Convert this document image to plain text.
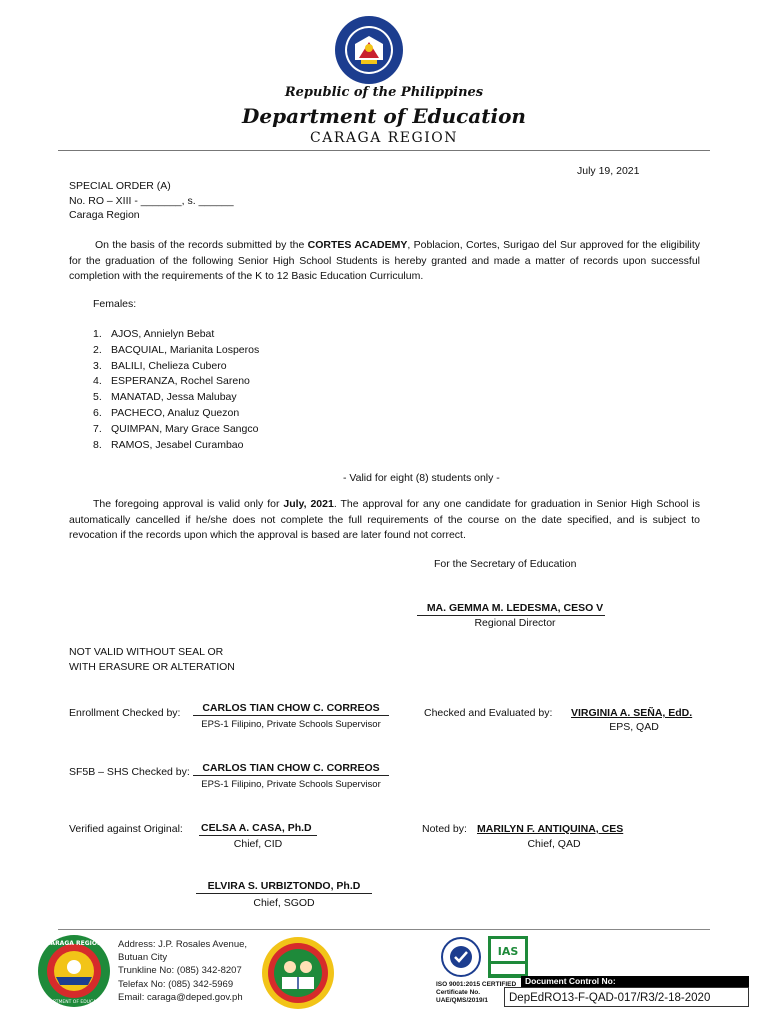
Republic of the Philippines
Department of Education
CARAGA REGION
July 19, 2021
SPECIAL ORDER (A)
No. RO – XIII - _______, s. ______
Caraga Region
On the basis of the records submitted by the CORTES ACADEMY, Poblacion, Cortes, Surigao del Sur approved for the eligibility for the graduation of the following Senior High School Students is hereby granted and made a matter of records upon successful completion with the requirements of the K to 12 Basic Education Curriculum.
Females:
1. AJOS, Annielyn Bebat
2. BACQUIAL, Marianita Losperos
3. BALILI, Chelieza Cubero
4. ESPERANZA, Rochel Sareno
5. MANATAD, Jessa Malubay
6. PACHECO, Analuz Quezon
7. QUIMPAN, Mary Grace Sangco
8. RAMOS, Jesabel Curambao
- Valid for eight (8) students only -
The foregoing approval is valid only for July, 2021. The approval for any one candidate for graduation in Senior High School is automatically cancelled if he/she does not complete the full requirements of the course on the date specified, and is subject to revocation if the records upon which the approval is based are later found not correct.
For the Secretary of Education
MA. GEMMA M. LEDESMA, CESO V
Regional Director
NOT VALID WITHOUT SEAL OR
WITH ERASURE OR ALTERATION
Enrollment Checked by:	CARLOS TIAN CHOW C. CORREOS
EPS-1 Filipino, Private Schools Supervisor
Checked and Evaluated by: VIRGINIA A. SEÑA, EdD.
EPS, QAD
SF5B – SHS Checked by:	CARLOS TIAN CHOW C. CORREOS
EPS-1 Filipino, Private Schools Supervisor
Verified against Original: CELSA A. CASA, Ph.D
Chief, CID
Noted by: MARILYN F. ANTIQUINA, CES
Chief, QAD
ELVIRA S. URBIZTONDO, Ph.D
Chief, SGOD
CARAGA REGION
DEPARTMENT OF EDUCATION
Address: J.P. Rosales Avenue,
Butuan City
Trunkline No: (085) 342-8207
Telefax No: (085) 342-5969
Email: caraga@deped.gov.ph
IAS
ISO 9001:2015 CERTIFIED
Certificate No.
UAE/QMS/2019/1
Document Control No:
DepEdRO13-F-QAD-017/R3/2-18-2020
